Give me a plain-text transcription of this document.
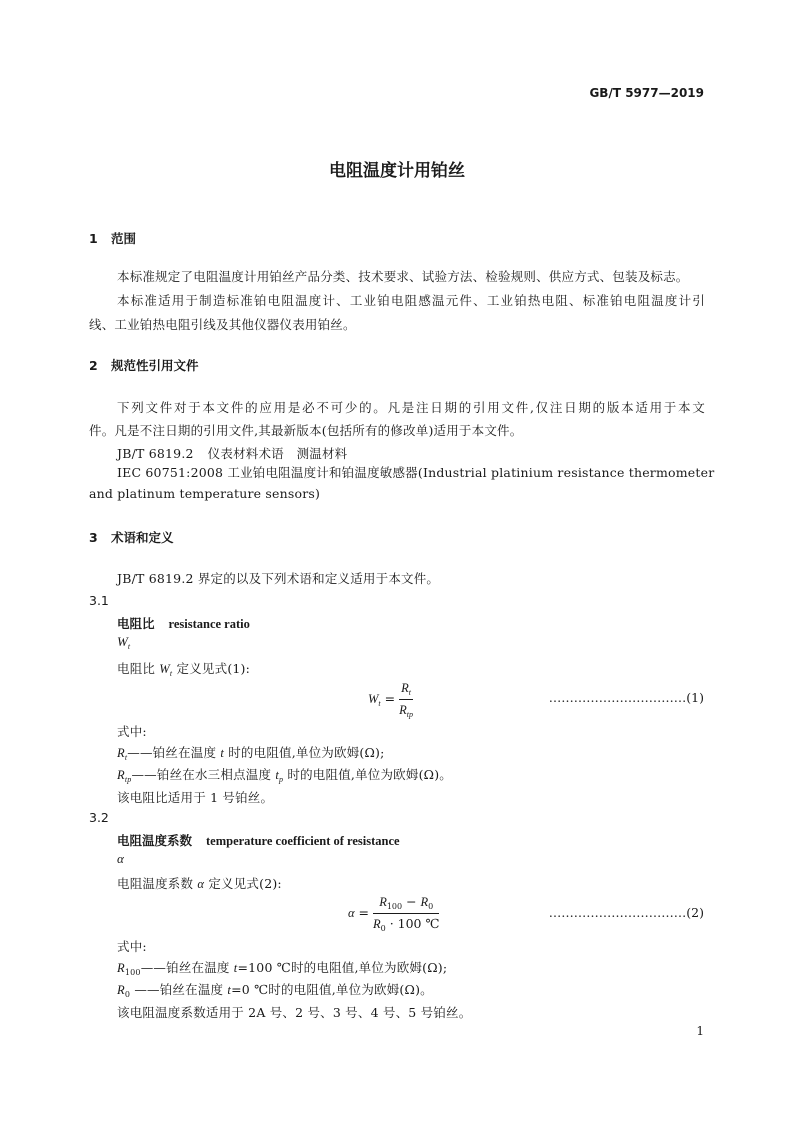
GB/T 5977—2019
电阻温度计用铂丝
1 范围
本标准规定了电阻温度计用铂丝产品分类、技术要求、试验方法、检验规则、供应方式、包装及标志。
本标准适用于制造标准铂电阻温度计、工业铂电阻感温元件、工业铂热电阻、标准铂电阻温度计引
线、工业铂热电阻引线及其他仪器仪表用铂丝。
2 规范性引用文件
下列文件对于本文件的应用是必不可少的。凡是注日期的引用文件,仅注日期的版本适用于本文
件。凡是不注日期的引用文件,其最新版本(包括所有的修改单)适用于本文件。
JB/T 6819.2 仪表材料术语　测温材料
IEC 60751:2008 工业铂电阻温度计和铂温度敏感器(Industrial platinium resistance thermometer
and platinum temperature sensors)
3 术语和定义
JB/T 6819.2 界定的以及下列术语和定义适用于本文件。
3.1
电阻比 resistance ratio
$W_t$
电阻比 $W_t$ 定义见式(1):
$W_t = \frac{R_t}{R_{tp}}$	……………………………(1)
式中:
$R_t——$铂丝在温度 t 时的电阻值,单位为欧姆(Ω);
$R_{tp}——$铂丝在水三相点温度 $t_p$ 时的电阻值,单位为欧姆(Ω)。
该电阻比适用于 1 号铂丝。
3.2
电阻温度系数 temperature coefficient of resistance
α
电阻温度系数 α 定义见式(2):
$\alpha = \frac{R_{100} - R_0}{R_0 \cdot 100 ℃}$	……………………………(2)
式中:
$R_{100}——$铂丝在温度 t=100 ℃时的电阻值,单位为欧姆(Ω);
$R_0$ ——铂丝在温度 t=0 ℃时的电阻值,单位为欧姆(Ω)。
该电阻温度系数适用于 2A 号、2 号、3 号、4 号、5 号铂丝。
1
